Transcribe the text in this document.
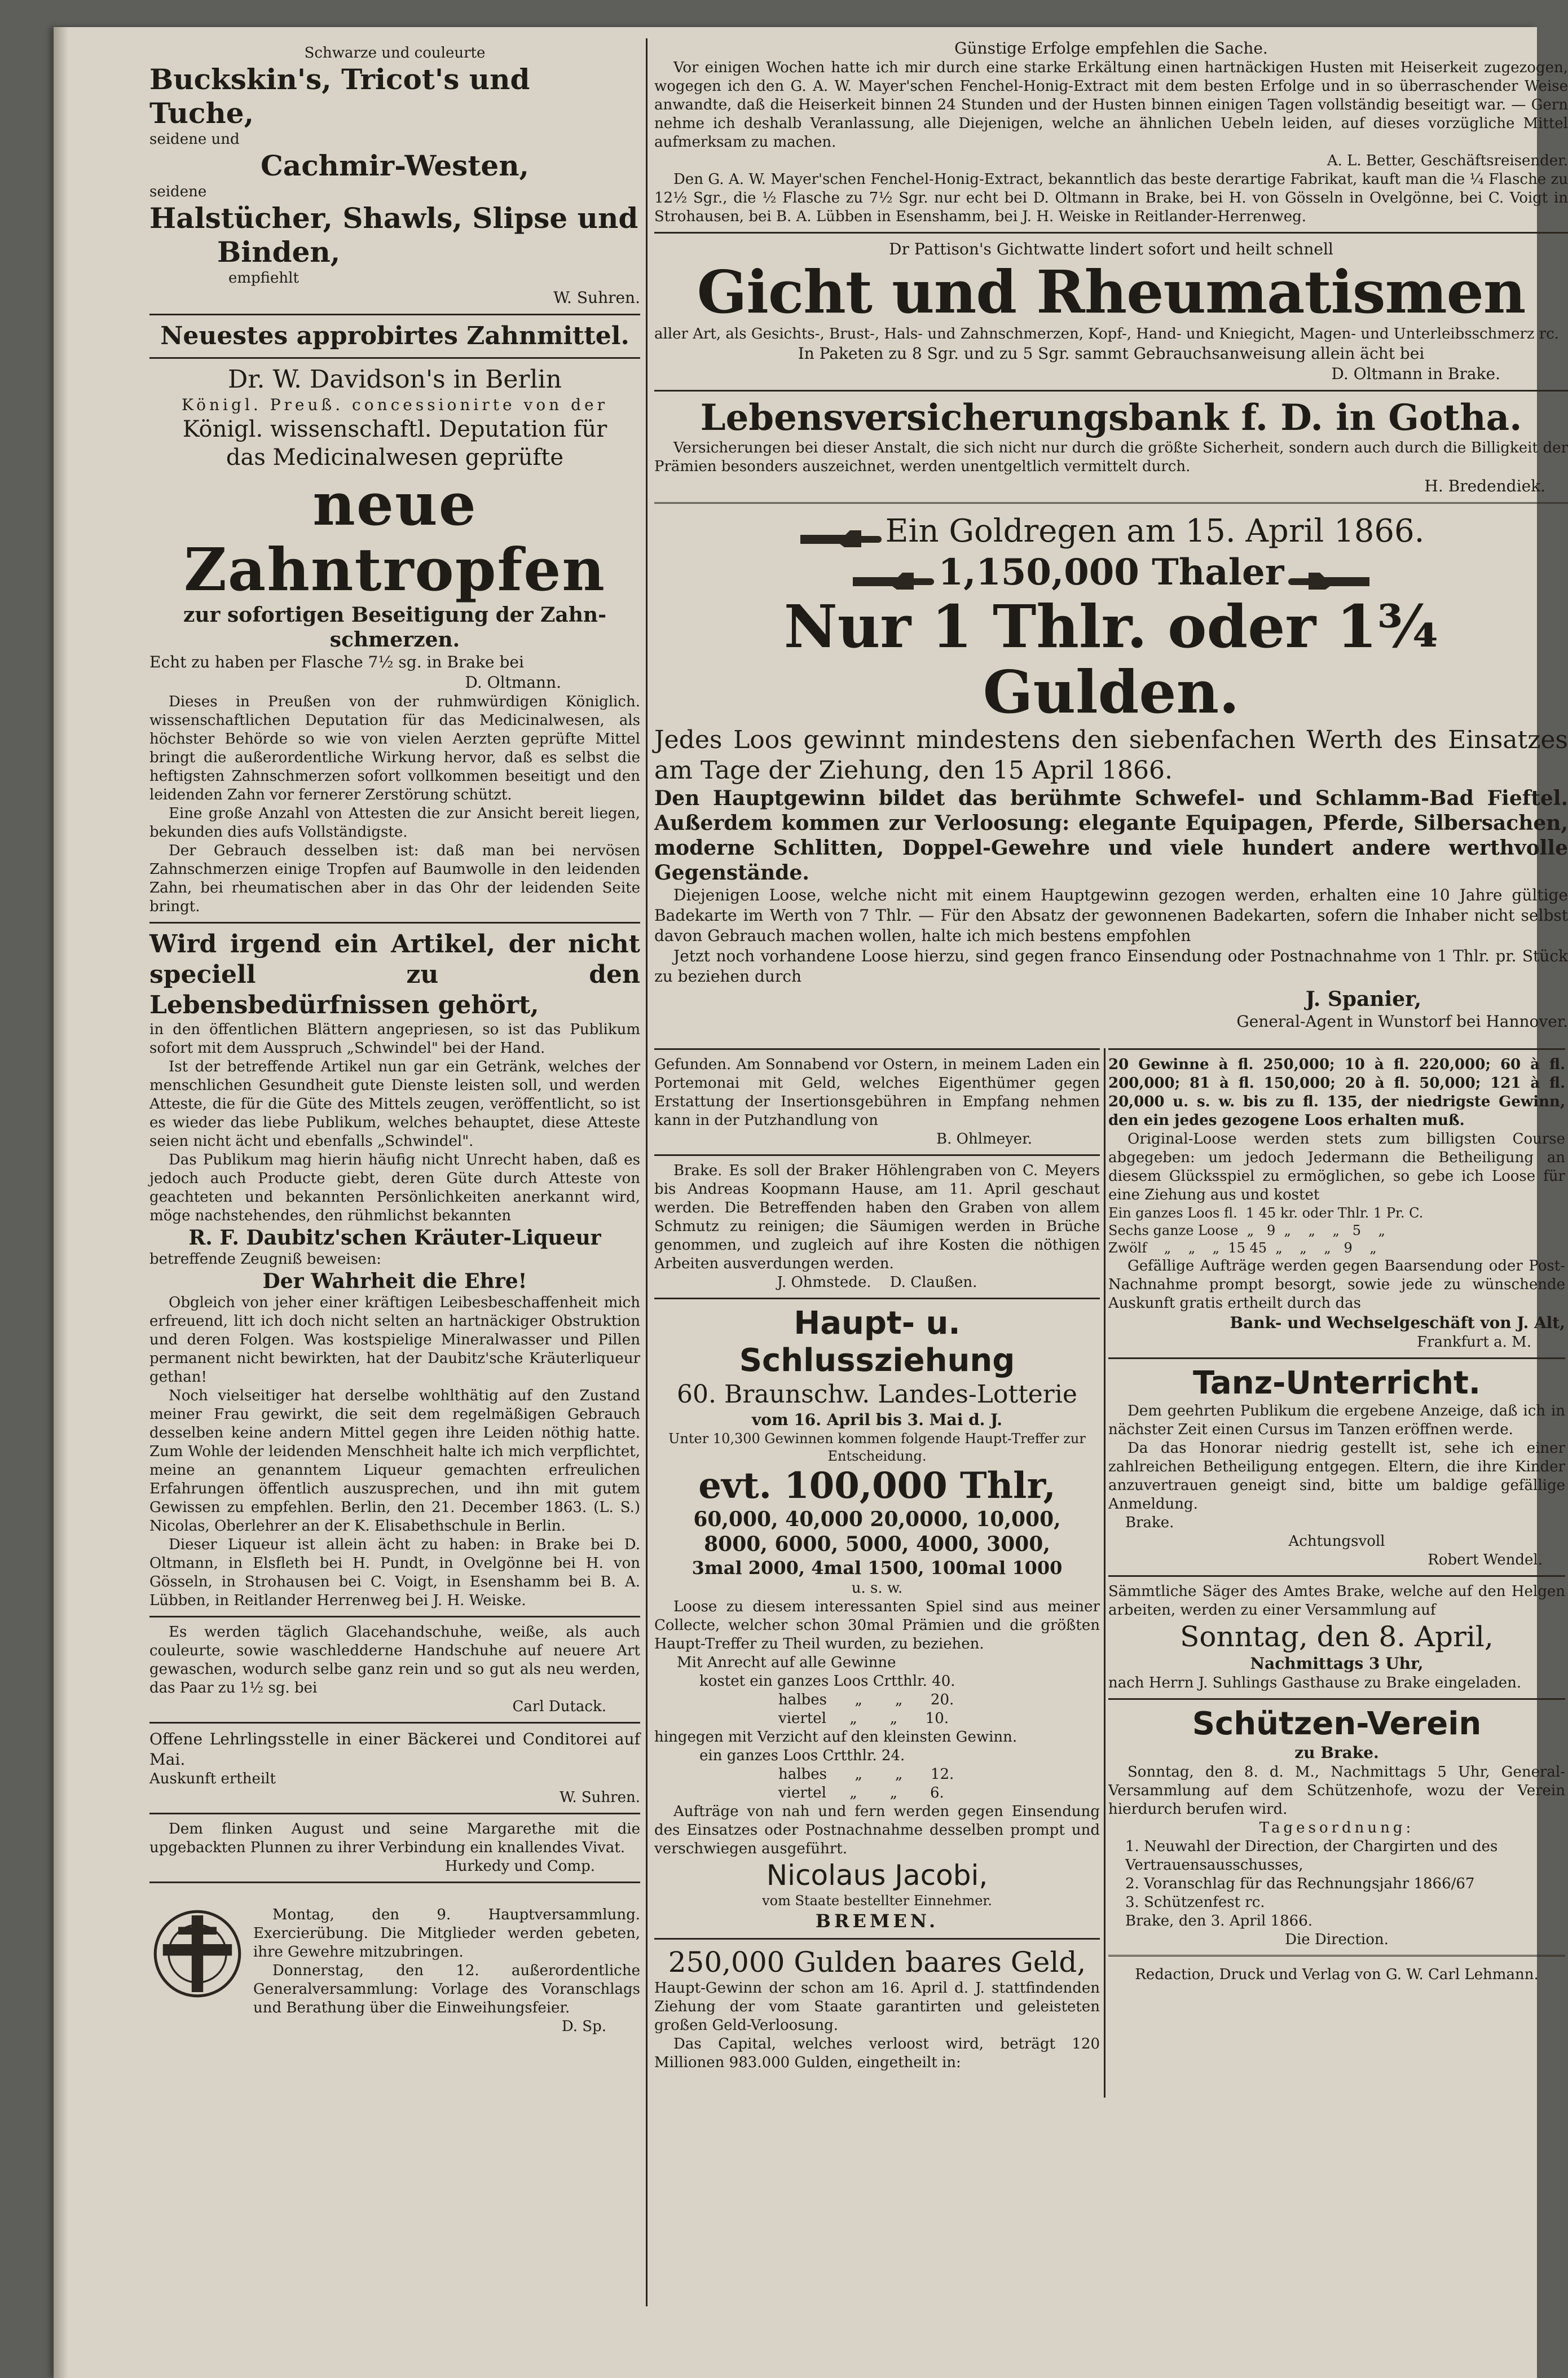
Schwarze und couleurte
Buckskin's, Tricot's und Tuche,
seidene und
Cachmir-Westen,
seidene
Halstücher, Shawls, Slipse und
Binden,
empfiehlt
W. Suhren.
Neuestes approbirtes Zahnmittel.
Dr. W. Davidson's in Berlin
Königl. Preuß. concessionirte von der
Königl. wissenschaftl. Deputation für
das Medicinalwesen geprüfte
neue Zahntropfen
zur sofortigen Beseitigung der Zahn-schmerzen.
Echt zu haben per Flasche 7½ sg. in Brake bei
D. Oltmann.
Dieses in Preußen von der ruhmwürdigen Königlich. wissenschaftlichen Deputation für das Medicinalwesen, als höchster Behörde so wie von vielen Aerzten geprüfte Mittel bringt die außerordentliche Wirkung hervor, daß es selbst die heftigsten Zahnschmerzen sofort vollkommen beseitigt und den leidenden Zahn vor fernerer Zerstörung schützt.
Eine große Anzahl von Attesten die zur Ansicht bereit liegen, bekunden dies aufs Vollständigste.
Der Gebrauch desselben ist: daß man bei nervösen Zahnschmerzen einige Tropfen auf Baumwolle in den leidenden Zahn, bei rheumatischen aber in das Ohr der leidenden Seite bringt.
Wird irgend ein Artikel, der nicht speciell zu den Lebensbedürfnissen gehört,
in den öffentlichen Blättern angepriesen, so ist das Publikum sofort mit dem Ausspruch „Schwindel" bei der Hand.
Ist der betreffende Artikel nun gar ein Getränk, welches der menschlichen Gesundheit gute Dienste leisten soll, und werden Atteste, die für die Güte des Mittels zeugen, veröffentlicht, so ist es wieder das liebe Publikum, welches behauptet, diese Atteste seien nicht ächt und ebenfalls „Schwindel".
Das Publikum mag hierin häufig nicht Unrecht haben, daß es jedoch auch Producte giebt, deren Güte durch Atteste von geachteten und bekannten Persönlichkeiten anerkannt wird, möge nachstehendes, den rühmlichst bekannten
R. F. Daubitz'schen Kräuter-Liqueur
betreffende Zeugniß beweisen:
Der Wahrheit die Ehre!
Obgleich von jeher einer kräftigen Leibesbeschaffenheit mich erfreuend, litt ich doch nicht selten an hartnäckiger Obstruktion und deren Folgen. Was kostspielige Mineralwasser und Pillen permanent nicht bewirkten, hat der Daubitz'sche Kräuterliqueur gethan!
Noch vielseitiger hat derselbe wohlthätig auf den Zustand meiner Frau gewirkt, die seit dem regelmäßigen Gebrauch desselben keine andern Mittel gegen ihre Leiden nöthig hatte. Zum Wohle der leidenden Menschheit halte ich mich verpflichtet, meine an genanntem Liqueur gemachten erfreulichen Erfahrungen öffentlich auszusprechen, und ihn mit gutem Gewissen zu empfehlen. Berlin, den 21. December 1863. (L. S.) Nicolas, Oberlehrer an der K. Elisabethschule in Berlin.
Dieser Liqueur ist allein ächt zu haben: in Brake bei D. Oltmann, in Elsfleth bei H. Pundt, in Ovelgönne bei H. von Gösseln, in Strohausen bei C. Voigt, in Esenshamm bei B. A. Lübben, in Reitlander Herrenweg bei J. H. Weiske.
Es werden täglich Glacehandschuhe, weiße, als auch couleurte, sowie waschledderne Handschuhe auf neuere Art gewaschen, wodurch selbe ganz rein und so gut als neu werden, das Paar zu 1½ sg. bei
Carl Dutack.
Offene Lehrlingsstelle in einer Bäckerei und Conditorei auf Mai.
Auskunft ertheilt
W. Suhren.
Dem flinken August und seine Margarethe mit die upgebackten Plunnen zu ihrer Verbindung ein knallendes Vivat.
Hurkedy und Comp.
Montag, den 9. Hauptversammlung. Exercierübung. Die Mitglieder werden gebeten, ihre Gewehre mitzubringen.
Donnerstag, den 12. außerordentliche Generalversammlung: Vorlage des Voranschlags und Berathung über die Einweihungsfeier.
D. Sp.
Günstige Erfolge empfehlen die Sache.
Vor einigen Wochen hatte ich mir durch eine starke Erkältung einen hartnäckigen Husten mit Heiserkeit zugezogen, wogegen ich den G. A. W. Mayer'schen Fenchel-Honig-Extract mit dem besten Erfolge und in so überraschender Weise anwandte, daß die Heiserkeit binnen 24 Stunden und der Husten binnen einigen Tagen vollständig beseitigt war. — Gern nehme ich deshalb Veranlassung, alle Diejenigen, welche an ähnlichen Uebeln leiden, auf dieses vorzügliche Mittel aufmerksam zu machen.
A. L. Better, Geschäftsreisender.
Den G. A. W. Mayer'schen Fenchel-Honig-Extract, bekanntlich das beste derartige Fabrikat, kauft man die ¼ Flasche zu 12½ Sgr., die ½ Flasche zu 7½ Sgr. nur echt bei D. Oltmann in Brake, bei H. von Gösseln in Ovelgönne, bei C. Voigt in Strohausen, bei B. A. Lübben in Esenshamm, bei J. H. Weiske in Reitlander-Herrenweg.
Dr Pattison's Gichtwatte lindert sofort und heilt schnell
Gicht und Rheumatismen
aller Art, als Gesichts-, Brust-, Hals- und Zahnschmerzen, Kopf-, Hand- und Kniegicht, Magen- und Unterleibsschmerz rc.
In Paketen zu 8 Sgr. und zu 5 Sgr. sammt Gebrauchsanweisung allein ächt bei
D. Oltmann in Brake.
Lebensversicherungsbank f. D. in Gotha.
Versicherungen bei dieser Anstalt, die sich nicht nur durch die größte Sicherheit, sondern auch durch die Billigkeit der Prämien besonders auszeichnet, werden unentgeltlich vermittelt durch.
H. Bredendiek.
Ein Goldregen am 15. April 1866.
1,150,000 Thaler
Nur 1 Thlr. oder 1¾ Gulden.
Jedes Loos gewinnt mindestens den siebenfachen Werth des Einsatzes am Tage der Ziehung, den 15 April 1866.
Den Hauptgewinn bildet das berühmte Schwefel- und Schlamm-Bad Fieftel. Außerdem kommen zur Verloosung: elegante Equipagen, Pferde, Silbersachen, moderne Schlitten, Doppel-Gewehre und viele hundert andere werthvolle Gegenstände.
Diejenigen Loose, welche nicht mit einem Hauptgewinn gezogen werden, erhalten eine 10 Jahre gültige Badekarte im Werth von 7 Thlr. — Für den Absatz der gewonnenen Badekarten, sofern die Inhaber nicht selbst davon Gebrauch machen wollen, halte ich mich bestens empfohlen
Jetzt noch vorhandene Loose hierzu, sind gegen franco Einsendung oder Postnachnahme von 1 Thlr. pr. Stück zu beziehen durch
J. Spanier,
General-Agent in Wunstorf bei Hannover.
Gefunden. Am Sonnabend vor Ostern, in meinem Laden ein Portemonai mit Geld, welches Eigenthümer gegen Erstattung der Insertionsgebühren in Empfang nehmen kann in der Putzhandlung von
B. Ohlmeyer.
Brake. Es soll der Braker Höhlengraben von C. Meyers bis Andreas Koopmann Hause, am 11. April geschaut werden. Die Betreffenden haben den Graben von allem Schmutz zu reinigen; die Säumigen werden in Brüche genommen, und zugleich auf ihre Kosten die nöthigen Arbeiten ausverdungen werden.
J. Ohmstede.    D. Claußen.
Haupt- u. Schlussziehung
60. Braunschw. Landes-Lotterie
vom 16. April bis 3. Mai d. J.
Unter 10,300 Gewinnen kommen folgende Haupt-Treffer zur Entscheidung.
evt. 100,000 Thlr,
60,000, 40,000 20,0000, 10,000,
8000, 6000, 5000, 4000, 3000,
3mal 2000, 4mal 1500, 100mal 1000
u. s. w.
Loose zu diesem interessanten Spiel sind aus meiner Collecte, welcher schon 30mal Prämien und die größten Haupt-Treffer zu Theil wurden, zu beziehen.
Mit Anrecht auf alle Gewinne
kostet ein ganzes Loos Crtthlr. 40.
halbes      „       „      20.
viertel     „       „      10.
hingegen mit Verzicht auf den kleinsten Gewinn.
ein ganzes Loos Crtthlr. 24.
halbes      „       „      12.
viertel     „       „       6.
Aufträge von nah und fern werden gegen Einsendung des Einsatzes oder Postnachnahme desselben prompt und verschwiegen ausgeführt.
Nicolaus Jacobi,
vom Staate bestellter Einnehmer.
BREMEN.
250,000 Gulden baares Geld,
Haupt-Gewinn der schon am 16. April d. J. stattfindenden Ziehung der vom Staate garantirten und geleisteten großen Geld-Verloosung.
Das Capital, welches verloost wird, beträgt 120 Millionen 983.000 Gulden, eingetheilt in:
20 Gewinne à fl. 250,000; 10 à fl. 220,000; 60 à fl. 200,000; 81 à fl. 150,000; 20 à fl. 50,000; 121 à fl. 20,000 u. s. w. bis zu fl. 135, der niedrigste Gewinn, den ein jedes gezogene Loos erhalten muß.
Original-Loose werden stets zum billigsten Course abgegeben: um jedoch Jedermann die Betheiligung an diesem Glücksspiel zu ermöglichen, so gebe ich Loose für eine Ziehung aus und kostet
Ein ganzes Loos fl.  1 45 kr. oder Thlr. 1 Pr. C.
Sechs ganze Loose  „   9  „    „    „   5    „
Zwölf    „    „    „  15 45  „    „    „   9    „
Gefällige Aufträge werden gegen Baarsendung oder Post-Nachnahme prompt besorgt, sowie jede zu wünschende Auskunft gratis ertheilt durch das
Bank- und Wechselgeschäft von J. Alt,
Frankfurt a. M.
Tanz-Unterricht.
Dem geehrten Publikum die ergebene Anzeige, daß ich in nächster Zeit einen Cursus im Tanzen eröffnen werde.
Da das Honorar niedrig gestellt ist, sehe ich einer zahlreichen Betheiligung entgegen. Eltern, die ihre Kinder anzuvertrauen geneigt sind, bitte um baldige gefällige Anmeldung.
Brake.
Achtungsvoll
Robert Wendel.
Sämmtliche Säger des Amtes Brake, welche auf den Helgen arbeiten, werden zu einer Versammlung auf
Sonntag, den 8. April,
Nachmittags 3 Uhr,
nach Herrn J. Suhlings Gasthause zu Brake eingeladen.
Schützen-Verein
zu Brake.
Sonntag, den 8. d. M., Nachmittags 5 Uhr, General-Versammlung auf dem Schützenhofe, wozu der Verein hierdurch berufen wird.
Tagesordnung:
1. Neuwahl der Direction, der Chargirten und des Vertrauensausschusses,
2. Voranschlag für das Rechnungsjahr 1866/67
3. Schützenfest rc.
Brake, den 3. April 1866.
Die Direction.
Redaction, Druck und Verlag von G. W. Carl Lehmann.
